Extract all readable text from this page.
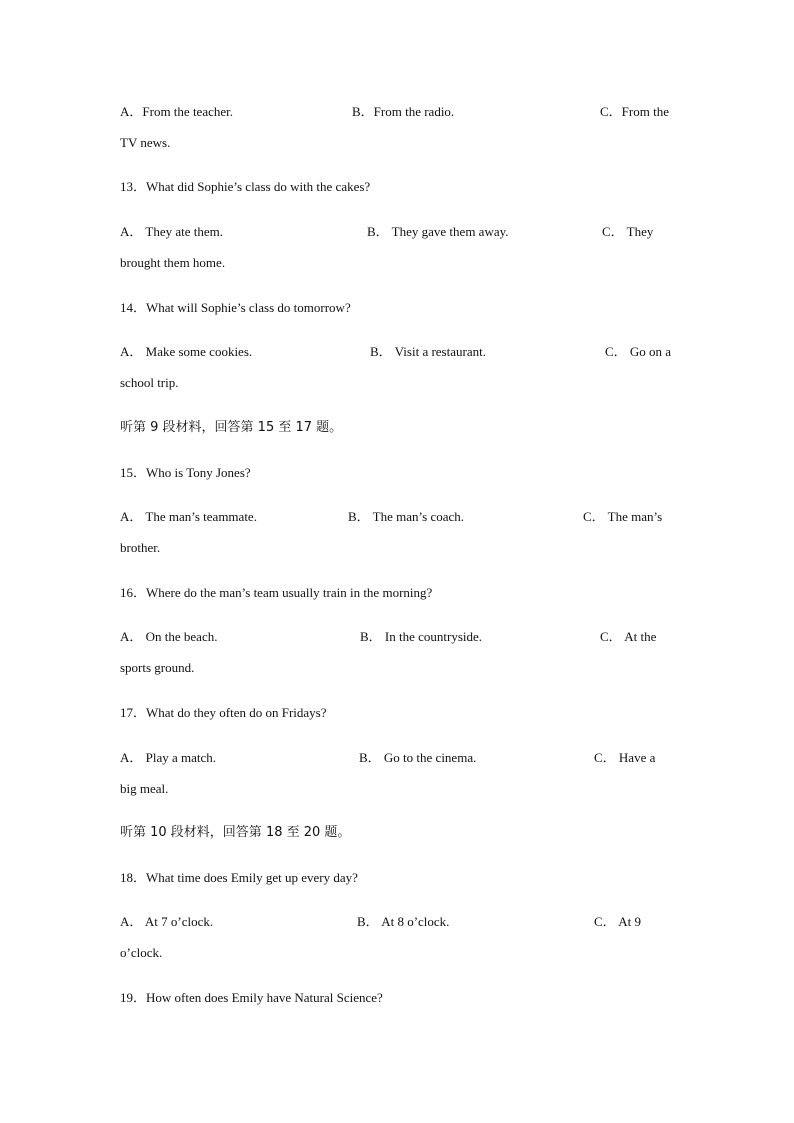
A．From the teacher.	B．From the radio.	C．From the
TV news.
13．What did Sophie’s class do with the cakes?
A． They ate them.	B． They gave them away.	C． They
brought them home.
14．What will Sophie’s class do tomorrow?
A． Make some cookies.	B． Visit a restaurant.	C． Go on a
school trip.
听第 9 段材料，回答第 15 至 17 题。
15．Who is Tony Jones?
A． The man’s teammate.	B． The man’s coach.	C． The man’s
brother.
16．Where do the man’s team usually train in the morning?
A． On the beach.	B． In the countryside.	C． At the
sports ground.
17．What do they often do on Fridays?
A． Play a match.	B． Go to the cinema.	C． Have a
big meal.
听第 10 段材料，回答第 18 至 20 题。
18．What time does Emily get up every day?
A． At 7 o’clock.	B． At 8 o’clock.	C． At 9
o’clock.
19．How often does Emily have Natural Science?
